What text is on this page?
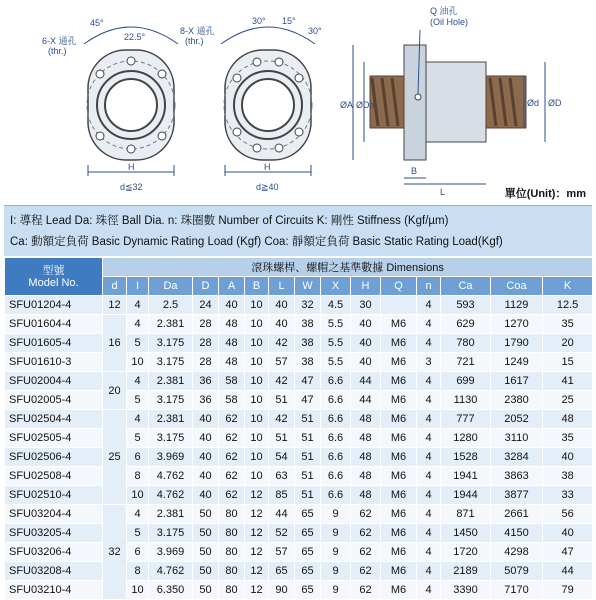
6-X 通孔
(thr.)
45°
22.5°
H
d≦32
8-X 通孔
(thr.)
30° 15°
30°
H
d≧40
Q 油孔
(Oil Hole)
ØA ØDa	Ød ØD
B
L	單位(Unit)：mm
I: 導程 Lead Da: 珠徑 Ball Dia. n: 珠圈數 Number of Circuits K: 剛性 Stiffness (Kgf/µm)
Ca: 動額定負荷 Basic Dynamic Rating Load (Kgf) Coa: 靜額定負荷 Basic Static Rating Load(Kgf)
型號
Model No.	滾珠螺桿、螺帽之基準數據 Dimensions														
	d	I	Da	D	A	B	L	W	X	H	Q	n	Ca	Coa	K
SFU01204-4	12	4	2.5	24	40	10	40	32	4.5	30		4	593	1129	12.5
SFU01604-4	16	4	2.381	28	48	10	40	38	5.5	40	M6	4	629	1270	35
SFU01605-4		5	3.175	28	48	10	42	38	5.5	40	M6	4	780	1790	20
SFU01610-3		10	3.175	28	48	10	57	38	5.5	40	M6	3	721	1249	15
SFU02004-4	20	4	2.381	36	58	10	42	47	6.6	44	M6	4	699	1617	41
SFU02005-4		5	3.175	36	58	10	51	47	6.6	44	M6	4	1130	2380	25
SFU02504-4	25	4	2.381	40	62	10	42	51	6.6	48	M6	4	777	2052	48
SFU02505-4		5	3.175	40	62	10	51	51	6.6	48	M6	4	1280	3110	35
SFU02506-4		6	3.969	40	62	10	54	51	6.6	48	M6	4	1528	3284	40
SFU02508-4		8	4.762	40	62	10	63	51	6.6	48	M6	4	1941	3863	38
SFU02510-4		10	4.762	40	62	12	85	51	6.6	48	M6	4	1944	3877	33
SFU03204-4	32	4	2.381	50	80	12	44	65	9	62	M6	4	871	2661	56
SFU03205-4		5	3.175	50	80	12	52	65	9	62	M6	4	1450	4150	40
SFU03206-4		6	3.969	50	80	12	57	65	9	62	M6	4	1720	4298	47
SFU03208-4		8	4.762	50	80	12	65	65	9	62	M6	4	2189	5079	44
SFU03210-4		10	6.350	50	80	12	90	65	9	62	M6	4	3390	7170	79
